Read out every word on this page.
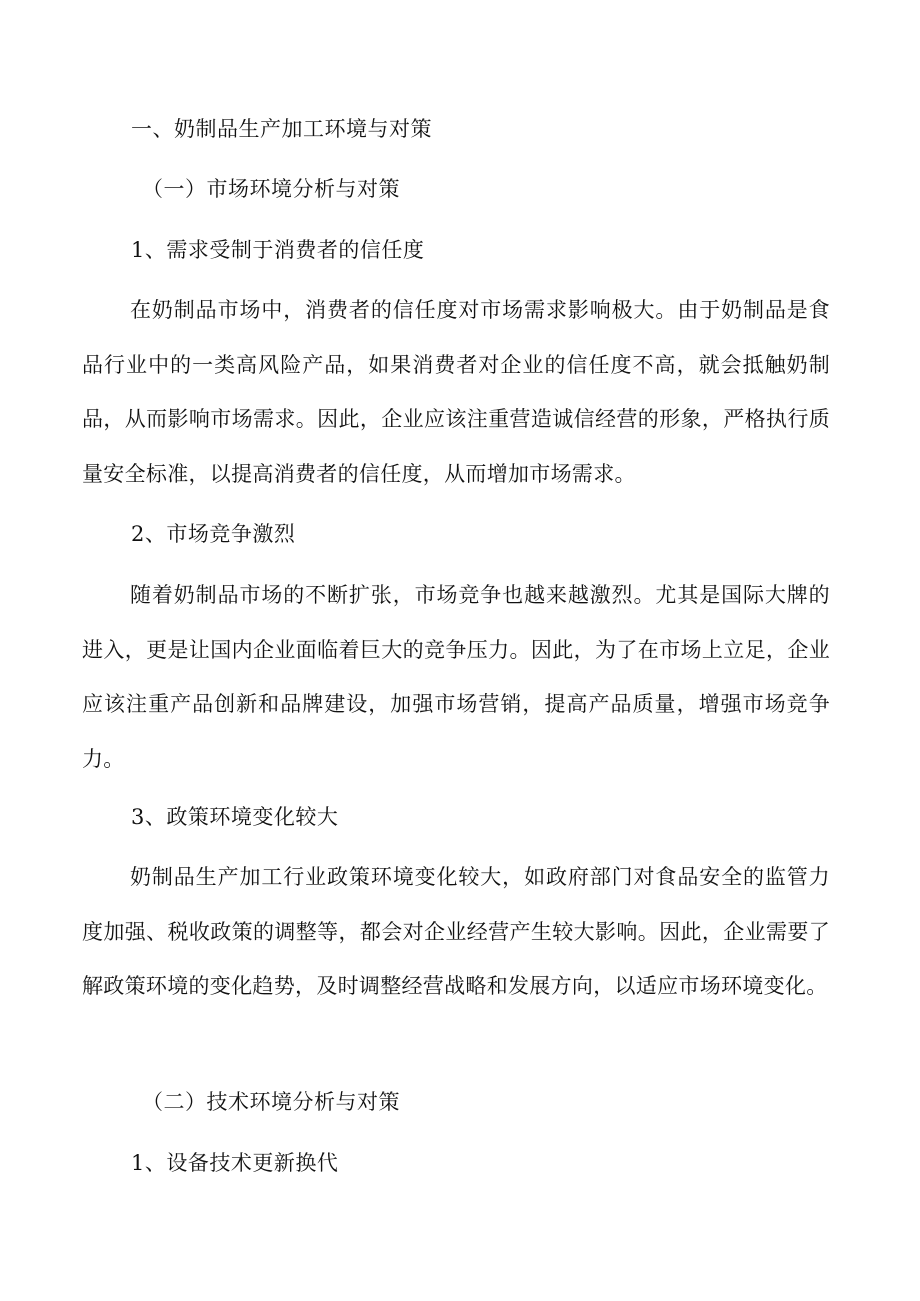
一、奶制品生产加工环境与对策
（一）市场环境分析与对策
1、需求受制于消费者的信任度
在奶制品市场中，消费者的信任度对市场需求影响极大。由于奶制品是食品行业中的一类高风险产品，如果消费者对企业的信任度不高，就会抵触奶制品，从而影响市场需求。因此，企业应该注重营造诚信经营的形象，严格执行质量安全标准，以提高消费者的信任度，从而增加市场需求。
2、市场竞争激烈
随着奶制品市场的不断扩张，市场竞争也越来越激烈。尤其是国际大牌的进入，更是让国内企业面临着巨大的竞争压力。因此，为了在市场上立足，企业应该注重产品创新和品牌建设，加强市场营销，提高产品质量，增强市场竞争力。
3、政策环境变化较大
奶制品生产加工行业政策环境变化较大，如政府部门对食品安全的监管力度加强、税收政策的调整等，都会对企业经营产生较大影响。因此，企业需要了解政策环境的变化趋势，及时调整经营战略和发展方向，以适应市场环境变化。
（二）技术环境分析与对策
1、设备技术更新换代
